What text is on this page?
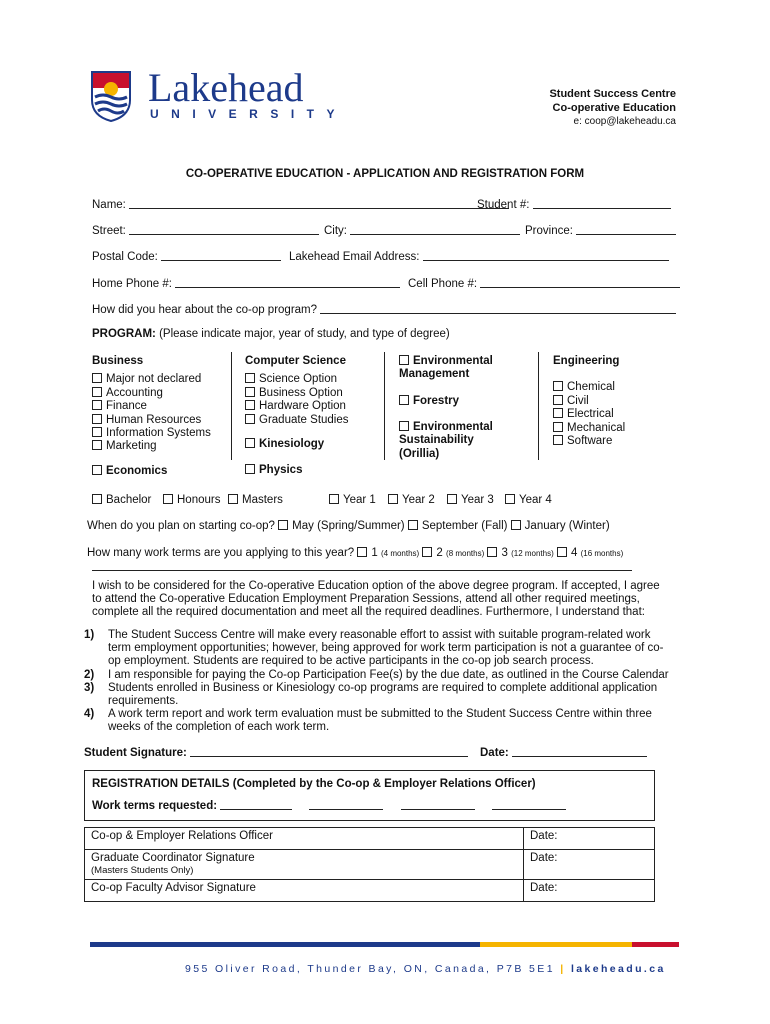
Lakehead
UNIVERSITY
Student Success Centre
Co-operative Education
e: coop@lakeheadu.ca
CO-OPERATIVE EDUCATION - APPLICATION AND REGISTRATION FORM
Name:	Student #:
Street:	City:	Province:
Postal Code:	Lakehead Email Address:
Home Phone #:	Cell Phone #:
How did you hear about the co-op program?
PROGRAM: (Please indicate major, year of study, and type of degree)
Business
Major not declared
Accounting
Finance
Human Resources
Information Systems
Marketing
Computer Science
Science Option
Business Option
Hardware Option
Graduate Studies
Environmental Management
Forestry
Environmental Sustainability (Orillia)
Engineering
Chemical
Civil
Electrical
Mechanical
Software
Kinesiology
Economics	Physics
Bachelor	Honours	Masters	Year 1	Year 2	Year 3	Year 4
When do you plan on starting co-op? May (Spring/Summer) September (Fall) January (Winter)
How many work terms are you applying to this year? 1 (4 months) 2 (8 months) 3 (12 months) 4 (16 months)
I wish to be considered for the Co-operative Education option of the above degree program. If accepted, I agree to attend the Co-operative Education Employment Preparation Sessions, attend all other required meetings, complete all the required documentation and meet all the required deadlines. Furthermore, I understand that:
1) The Student Success Centre will make every reasonable effort to assist with suitable program-related work term employment opportunities; however, being approved for work term participation is not a guarantee of co-op employment. Students are required to be active participants in the co-op job search process.
2) I am responsible for paying the Co-op Participation Fee(s) by the due date, as outlined in the Course Calendar
3) Students enrolled in Business or Kinesiology co-op programs are required to complete additional application requirements.
4) A work term report and work term evaluation must be submitted to the Student Success Centre within three weeks of the completion of each work term.
Student Signature:	Date:
REGISTRATION DETAILS (Completed by the Co-op & Employer Relations Officer)
Work terms requested:
Co-op & Employer Relations Officer	Date:
Graduate Coordinator Signature
(Masters Students Only)	Date:
Co-op Faculty Advisor Signature	Date:
955 Oliver Road, Thunder Bay, ON, Canada, P7B 5E1 | lakeheadu.ca
